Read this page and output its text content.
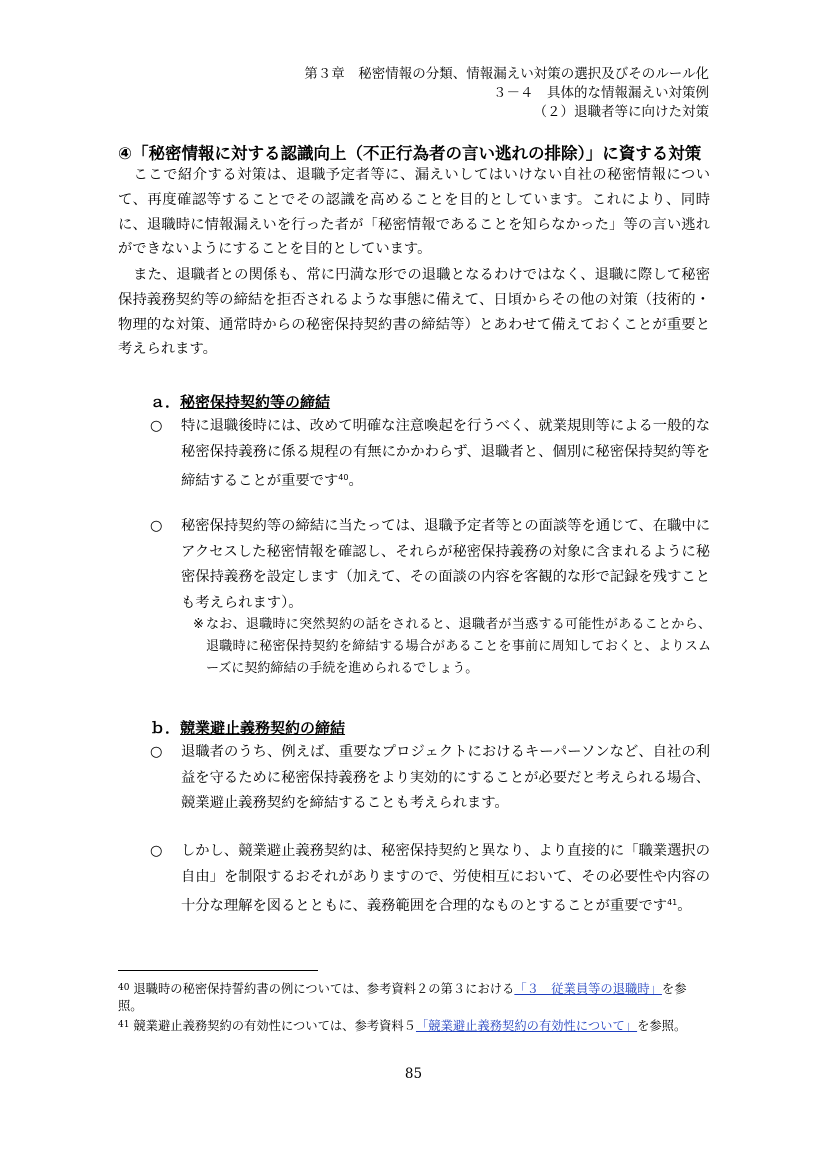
第３章　秘密情報の分類、情報漏えい対策の選択及びそのルール化
３－４　具体的な情報漏えい対策例
（２）退職者等に向けた対策
④「秘密情報に対する認識向上（不正行為者の言い逃れの排除）」に資する対策
ここで紹介する対策は、退職予定者等に、漏えいしてはいけない自社の秘密情報について、再度確認等することでその認識を高めることを目的としています。これにより、同時に、退職時に情報漏えいを行った者が「秘密情報であることを知らなかった」等の言い逃れができないようにすることを目的としています。
また、退職者との関係も、常に円満な形での退職となるわけではなく、退職に際して秘密保持義務契約等の締結を拒否されるような事態に備えて、日頃からその他の対策（技術的・物理的な対策、通常時からの秘密保持契約書の締結等）とあわせて備えておくことが重要と考えられます。
ａ．秘密保持契約等の締結
○	特に退職後時には、改めて明確な注意喚起を行うべく、就業規則等による一般的な秘密保持義務に係る規程の有無にかかわらず、退職者と、個別に秘密保持契約等を締結することが重要です$^{40}$。
○	秘密保持契約等の締結に当たっては、退職予定者等との面談等を通じて、在職中にアクセスした秘密情報を確認し、それらが秘密保持義務の対象に含まれるように秘密保持義務を設定します（加えて、その面談の内容を客観的な形で記録を残すことも考えられます）。
※ なお、退職時に突然契約の話をされると、退職者が当惑する可能性があることから、退職時に秘密保持契約を締結する場合があることを事前に周知しておくと、よりスムーズに契約締結の手続を進められるでしょう。
ｂ．競業避止義務契約の締結
○	退職者のうち、例えば、重要なプロジェクトにおけるキーパーソンなど、自社の利益を守るために秘密保持義務をより実効的にすることが必要だと考えられる場合、競業避止義務契約を締結することも考えられます。
○	しかし、競業避止義務契約は、秘密保持契約と異なり、より直接的に「職業選択の自由」を制限するおそれがありますので、労使相互において、その必要性や内容の十分な理解を図るとともに、義務範囲を合理的なものとすることが重要です$^{41}$。
$^{40}$ 退職時の秘密保持誓約書の例については、参考資料２の第３における「３　従業員等の退職時」を参照。
$^{41}$ 競業避止義務契約の有効性については、参考資料５「競業避止義務契約の有効性について」を参照。
85
